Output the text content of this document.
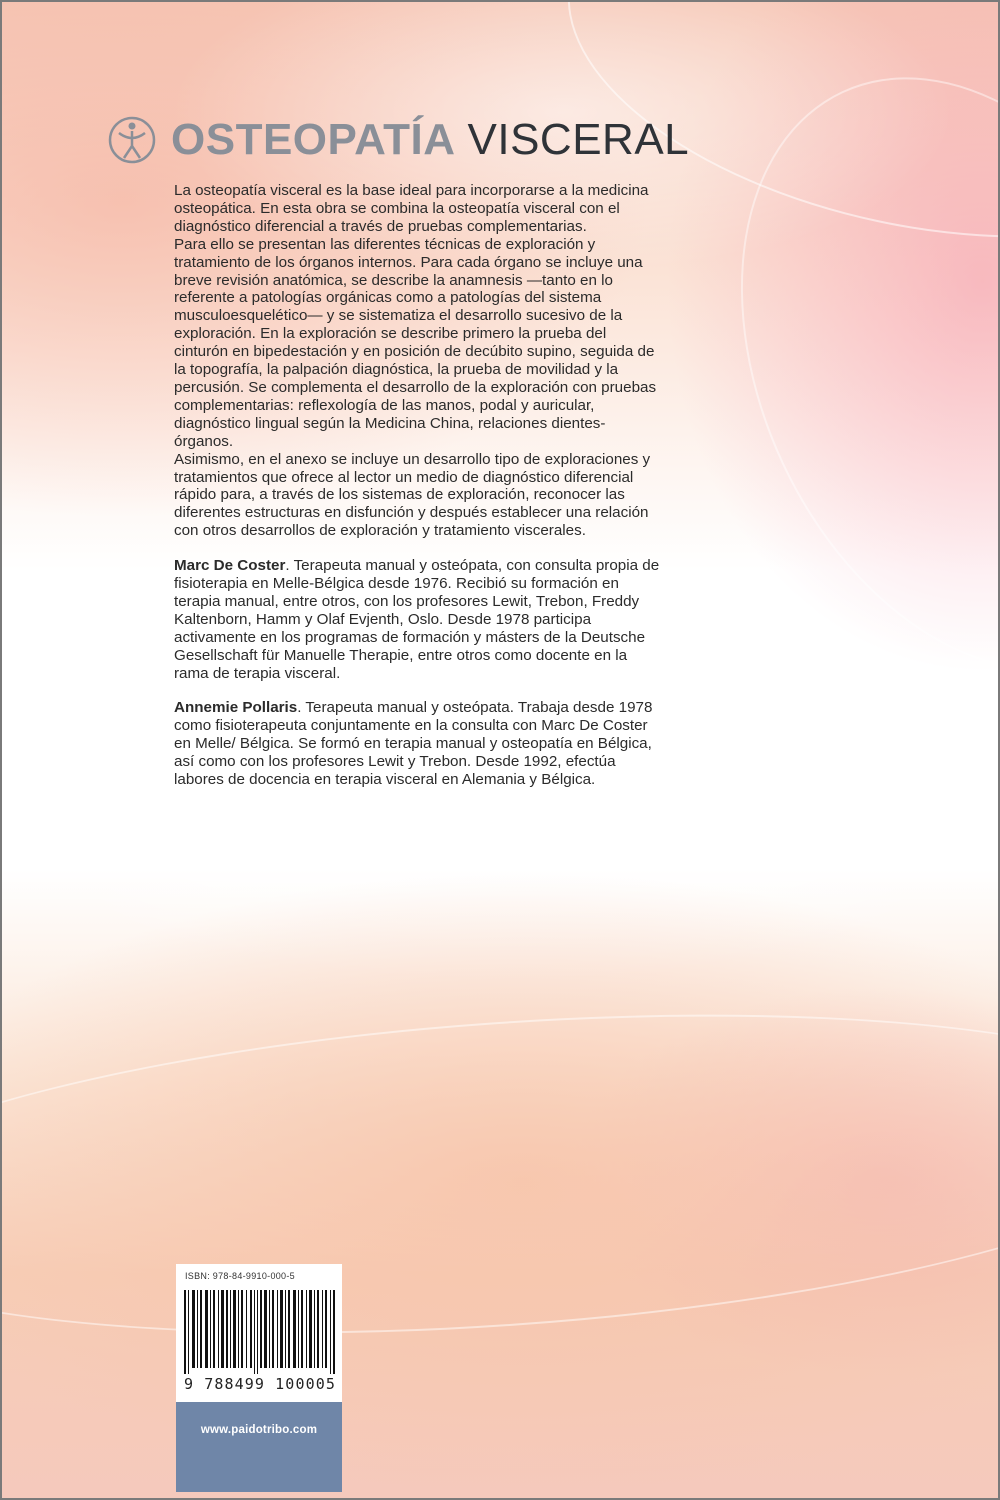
OSTEOPATÍA VISCERAL

La osteopatía visceral es la base ideal para incorporarse a la medicina osteopática. En esta obra se combina la osteopatía visceral con el diagnóstico diferencial a través de pruebas complementarias.

Para ello se presentan las diferentes técnicas de exploración y tratamiento de los órganos internos. Para cada órgano se incluye una breve revisión anatómica, se describe la anamnesis —tanto en lo referente a patologías orgánicas como a patologías del sistema musculoesquelético— y se sistematiza el desarrollo sucesivo de la exploración. En la exploración se describe primero la prueba del cinturón en bipedestación y en posición de decúbito supino, seguida de la topografía, la palpación diagnóstica, la prueba de movilidad y la percusión. Se complementa el desarrollo de la exploración con pruebas complementarias: reflexología de las manos, podal y auricular, diagnóstico lingual según la Medicina China, relaciones dientes-órganos.

Asimismo, en el anexo se incluye un desarrollo tipo de exploraciones y tratamientos que ofrece al lector un medio de diagnóstico diferencial rápido para, a través de los sistemas de exploración, reconocer las diferentes estructuras en disfunción y después establecer una relación con otros desarrollos de exploración y tratamiento viscerales.

Marc De Coster. Terapeuta manual y osteópata, con consulta propia de fisioterapia en Melle-Bélgica desde 1976. Recibió su formación en terapia manual, entre otros, con los profesores Lewit, Trebon, Freddy Kaltenborn, Hamm y Olaf Evjenth, Oslo. Desde 1978 participa activamente en los programas de formación y másters de la Deutsche Gesellschaft für Manuelle Therapie, entre otros como docente en la rama de terapia visceral.

Annemie Pollaris. Terapeuta manual y osteópata. Trabaja desde 1978 como fisioterapeuta conjuntamente en la consulta con Marc De Coster en Melle/ Bélgica. Se formó en terapia manual y osteopatía en Bélgica, así como con los profesores Lewit y Trebon. Desde 1992, efectúa labores de docencia en terapia visceral en Alemania y Bélgica.

ISBN: 978-84-9910-000-5
9 788499 100005
www.paidotribo.com
